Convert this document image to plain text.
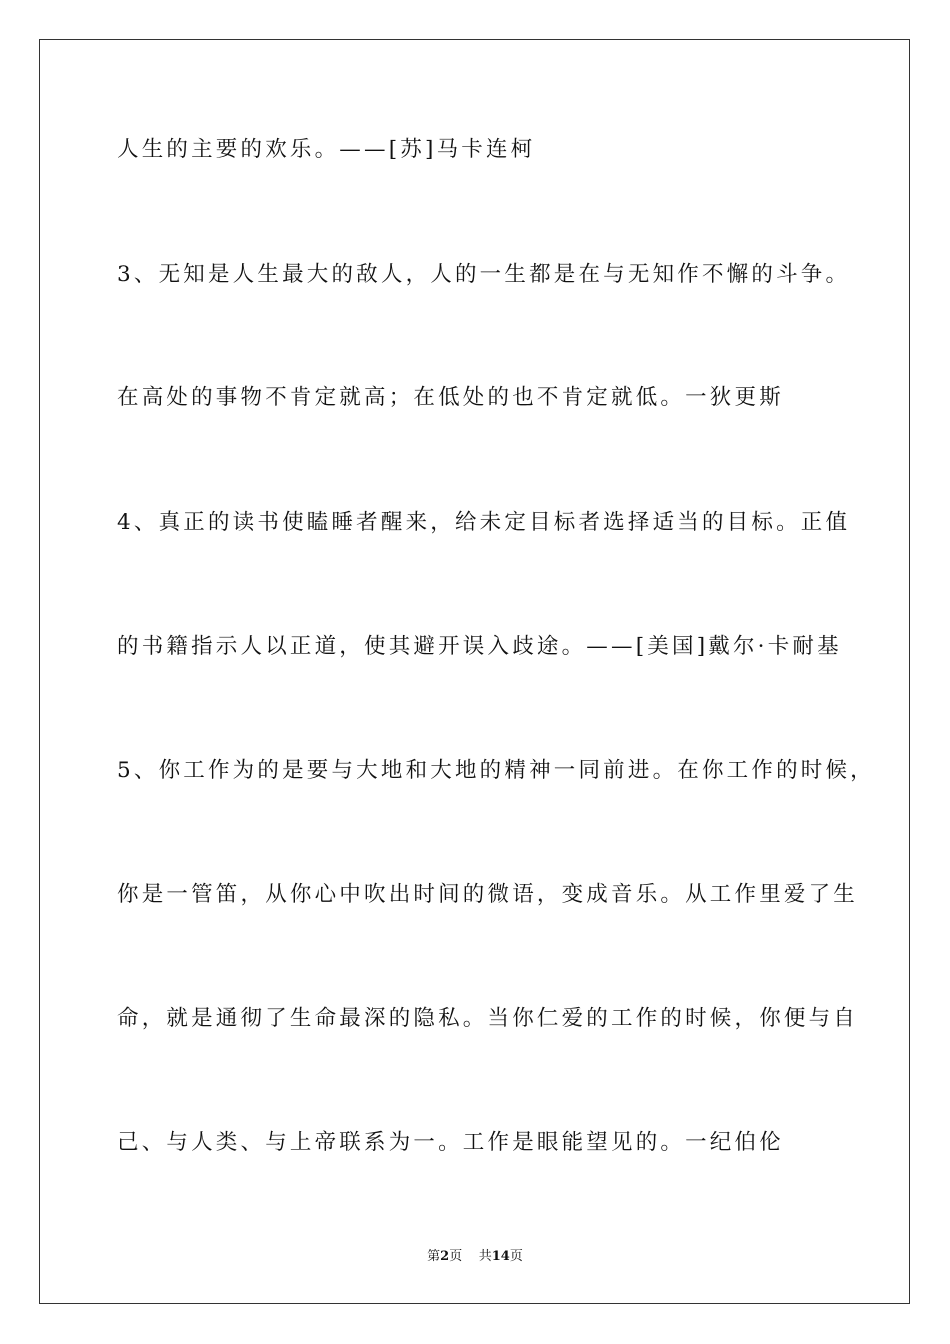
人生的主要的欢乐。——[苏]马卡连柯
3、无知是人生最大的敌人，人的一生都是在与无知作不懈的斗争。
在高处的事物不肯定就高；在低处的也不肯定就低。一狄更斯
4、真正的读书使瞌睡者醒来，给未定目标者选择适当的目标。正值
的书籍指示人以正道，使其避开误入歧途。——[美国]戴尔·卡耐基
5、你工作为的是要与大地和大地的精神一同前进。在你工作的时候，
你是一管笛，从你心中吹出时间的微语，变成音乐。从工作里爱了生
命，就是通彻了生命最深的隐私。当你仁爱的工作的时候，你便与自
己、与人类、与上帝联系为一。工作是眼能望见的。一纪伯伦
第2页 共14页
